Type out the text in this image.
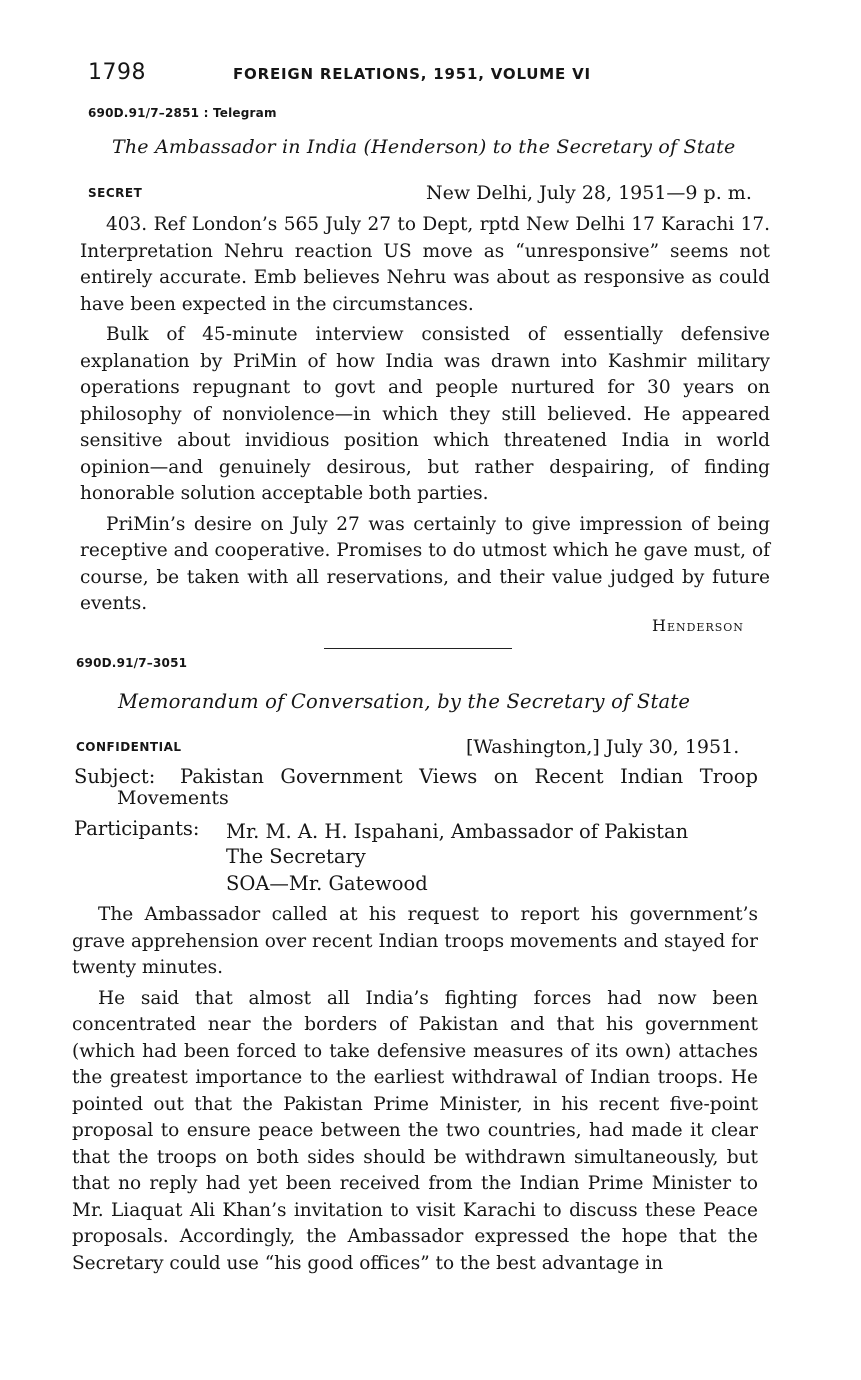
1798	FOREIGN RELATIONS, 1951, VOLUME VI
690D.91/7–2851 : Telegram
The Ambassador in India (Henderson) to the Secretary of State
SECRET	New Delhi, July 28, 1951—9 p. m.

403. Ref London’s 565 July 27 to Dept, rptd New Delhi 17 Karachi 17. Interpretation Nehru reaction US move as “unresponsive” seems not entirely accurate. Emb believes Nehru was about as responsive as could have been expected in the circumstances.

Bulk of 45-minute interview consisted of essentially defensive explanation by PriMin of how India was drawn into Kashmir military operations repugnant to govt and people nurtured for 30 years on philosophy of nonviolence—in which they still believed. He appeared sensitive about invidious position which threatened India in world opinion—and genuinely desirous, but rather despairing, of finding honorable solution acceptable both parties.

PriMin’s desire on July 27 was certainly to give impression of being receptive and cooperative. Promises to do utmost which he gave must, of course, be taken with all reservations, and their value judged by future events.

Henderson
690D.91/7–3051
Memorandum of Conversation, by the Secretary of State
CONFIDENTIAL	[Washington,] July 30, 1951.
Subject: Pakistan Government Views on Recent Indian Troop
Movements
Participants: Mr. M. A. H. Ispahani, Ambassador of Pakistan
The Secretary
SOA—Mr. Gatewood

The Ambassador called at his request to report his government’s grave apprehension over recent Indian troops movements and stayed for twenty minutes.

He said that almost all India’s fighting forces had now been concentrated near the borders of Pakistan and that his government (which had been forced to take defensive measures of its own) attaches the greatest importance to the earliest withdrawal of Indian troops. He pointed out that the Pakistan Prime Minister, in his recent five-point proposal to ensure peace between the two countries, had made it clear that the troops on both sides should be withdrawn simultaneously, but that no reply had yet been received from the Indian Prime Minister to Mr. Liaquat Ali Khan’s invitation to visit Karachi to discuss these Peace proposals. Accordingly, the Ambassador expressed the hope that the Secretary could use “his good offices” to the best advantage in
